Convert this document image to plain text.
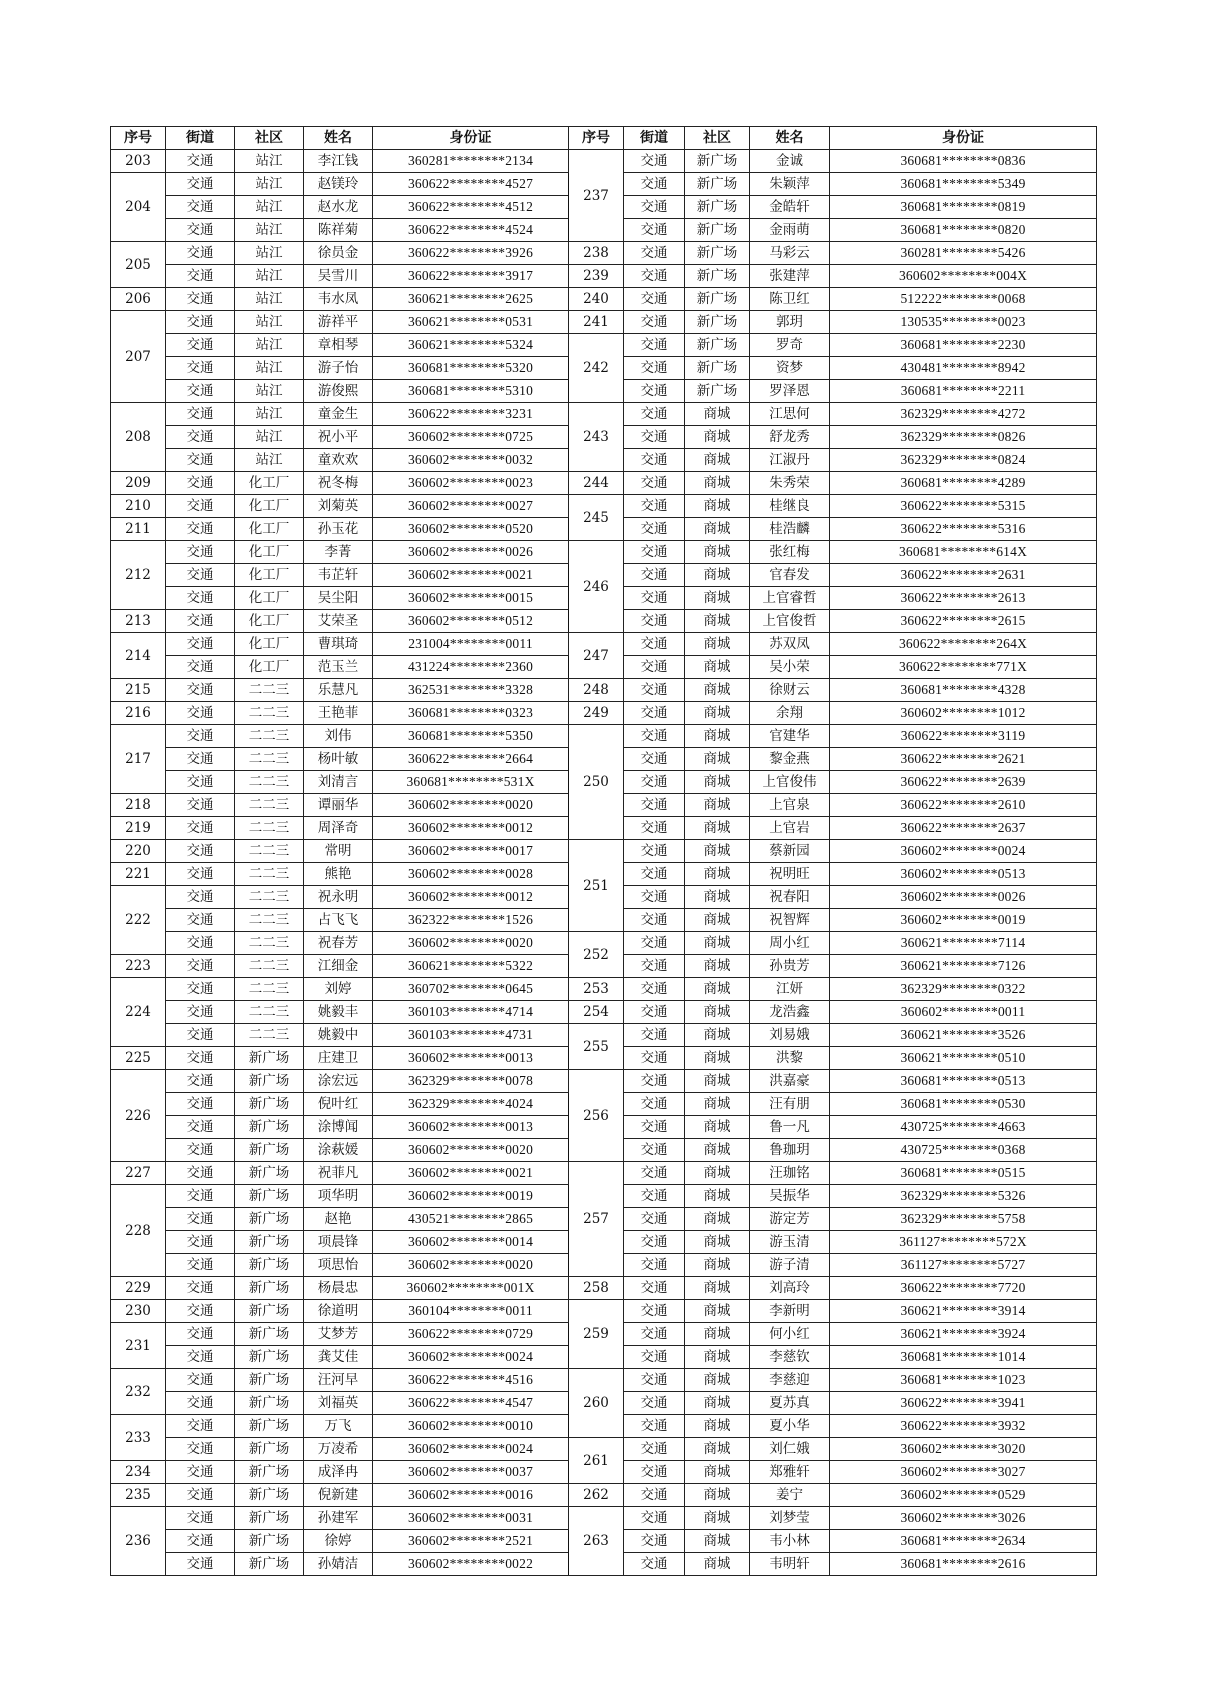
序号	街道	社区	姓名	身份证	序号	街道	社区	姓名	身份证
203	交通	站江	李江钱	360281********2134	237	交通	新广场	金诚	360681********0836
204	交通	站江	赵镁玲	360622********4527		交通	新广场	朱颖萍	360681********5349
	交通	站江	赵水龙	360622********4512		交通	新广场	金皓轩	360681********0819
	交通	站江	陈祥菊	360622********4524		交通	新广场	金雨萌	360681********0820
205	交通	站江	徐员金	360622********3926	238	交通	新广场	马彩云	360281********5426
	交通	站江	吴雪川	360622********3917	239	交通	新广场	张建萍	360602********004X
206	交通	站江	韦水凤	360621********2625	240	交通	新广场	陈卫红	512222********0068
207	交通	站江	游祥平	360621********0531	241	交通	新广场	郭玥	130535********0023
	交通	站江	章相琴	360621********5324	242	交通	新广场	罗奇	360681********2230
	交通	站江	游子怡	360681********5320		交通	新广场	资梦	430481********8942
	交通	站江	游俊熙	360681********5310		交通	新广场	罗泽恩	360681********2211
208	交通	站江	童金生	360622********3231	243	交通	商城	江思何	362329********4272
	交通	站江	祝小平	360602********0725		交通	商城	舒龙秀	362329********0826
	交通	站江	童欢欢	360602********0032		交通	商城	江淑丹	362329********0824
209	交通	化工厂	祝冬梅	360602********0023	244	交通	商城	朱秀荣	360681********4289
210	交通	化工厂	刘菊英	360602********0027	245	交通	商城	桂继良	360622********5315
211	交通	化工厂	孙玉花	360602********0520		交通	商城	桂浩麟	360622********5316
212	交通	化工厂	李菁	360602********0026	246	交通	商城	张红梅	360681********614X
	交通	化工厂	韦芷轩	360602********0021		交通	商城	官春发	360622********2631
	交通	化工厂	吴尘阳	360602********0015		交通	商城	上官睿哲	360622********2613
213	交通	化工厂	艾荣圣	360602********0512		交通	商城	上官俊哲	360622********2615
214	交通	化工厂	曹琪琦	231004********0011	247	交通	商城	苏双凤	360622********264X
	交通	化工厂	范玉兰	431224********2360		交通	商城	吴小荣	360622********771X
215	交通	二二三	乐慧凡	362531********3328	248	交通	商城	徐财云	360681********4328
216	交通	二二三	王艳菲	360681********0323	249	交通	商城	余翔	360602********1012
217	交通	二二三	刘伟	360681********5350	250	交通	商城	官建华	360622********3119
	交通	二二三	杨叶敏	360622********2664		交通	商城	黎金燕	360622********2621
	交通	二二三	刘清言	360681********531X		交通	商城	上官俊伟	360622********2639
218	交通	二二三	谭丽华	360602********0020		交通	商城	上官泉	360622********2610
219	交通	二二三	周泽奇	360602********0012		交通	商城	上官岩	360622********2637
220	交通	二二三	常明	360602********0017	251	交通	商城	蔡新园	360602********0024
221	交通	二二三	熊艳	360602********0028		交通	商城	祝明旺	360602********0513
222	交通	二二三	祝永明	360602********0012		交通	商城	祝春阳	360602********0026
	交通	二二三	占飞飞	362322********1526		交通	商城	祝智辉	360602********0019
	交通	二二三	祝春芳	360602********0020	252	交通	商城	周小红	360621********7114
223	交通	二二三	江细金	360621********5322		交通	商城	孙贵芳	360621********7126
224	交通	二二三	刘婷	360702********0645	253	交通	商城	江妍	362329********0322
	交通	二二三	姚毅丰	360103********4714	254	交通	商城	龙浩鑫	360602********0011
	交通	二二三	姚毅中	360103********4731	255	交通	商城	刘易娥	360621********3526
225	交通	新广场	庄建卫	360602********0013		交通	商城	洪黎	360621********0510
226	交通	新广场	涂宏远	362329********0078	256	交通	商城	洪嘉豪	360681********0513
	交通	新广场	倪叶红	362329********4024		交通	商城	汪有朋	360681********0530
	交通	新广场	涂博闻	360602********0013		交通	商城	鲁一凡	430725********4663
	交通	新广场	涂萩媛	360602********0020		交通	商城	鲁珈玥	430725********0368
227	交通	新广场	祝菲凡	360602********0021	257	交通	商城	汪珈铭	360681********0515
228	交通	新广场	项华明	360602********0019		交通	商城	吴振华	362329********5326
	交通	新广场	赵艳	430521********2865		交通	商城	游定芳	362329********5758
	交通	新广场	项晨锋	360602********0014		交通	商城	游玉清	361127********572X
	交通	新广场	项思怡	360602********0020		交通	商城	游子清	361127********5727
229	交通	新广场	杨晨忠	360602********001X	258	交通	商城	刘高玲	360622********7720
230	交通	新广场	徐道明	360104********0011	259	交通	商城	李新明	360621********3914
231	交通	新广场	艾梦芳	360622********0729		交通	商城	何小红	360621********3924
	交通	新广场	龚艾佳	360602********0024		交通	商城	李慈钦	360681********1014
232	交通	新广场	汪河早	360622********4516	260	交通	商城	李慈迎	360681********1023
	交通	新广场	刘福英	360622********4547		交通	商城	夏苏真	360622********3941
233	交通	新广场	万飞	360602********0010		交通	商城	夏小华	360622********3932
	交通	新广场	万凌希	360602********0024	261	交通	商城	刘仁娥	360602********3020
234	交通	新广场	成泽冉	360602********0037		交通	商城	郑雅轩	360602********3027
235	交通	新广场	倪新建	360602********0016	262	交通	商城	姜宁	360602********0529
236	交通	新广场	孙建军	360602********0031	263	交通	商城	刘梦莹	360602********3026
	交通	新广场	徐婷	360602********2521		交通	商城	韦小林	360681********2634
	交通	新广场	孙婧洁	360602********0022		交通	商城	韦明轩	360681********2616
